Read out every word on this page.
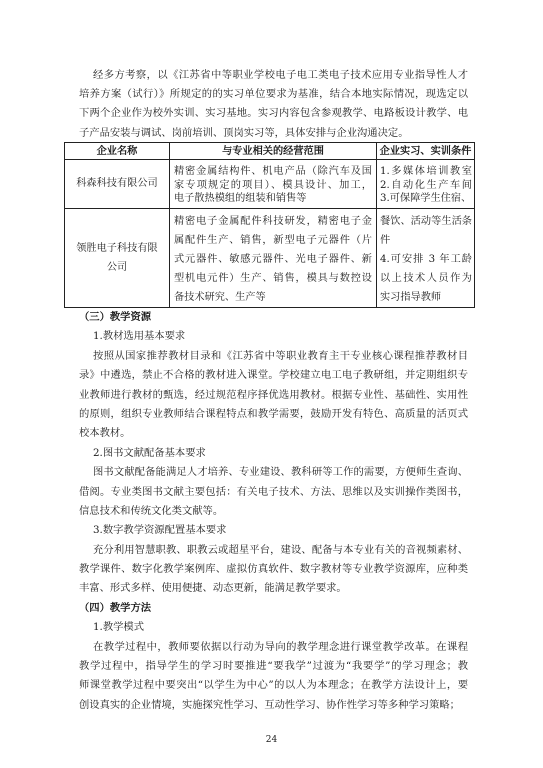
经多方考察，以《江苏省中等职业学校电子电工类电子技术应用专业指导性人才
培养方案（试行）》所规定的的实习单位要求为基准，结合本地实际情况，现选定以
下两个企业作为校外实训、实习基地。实习内容包含参观教学、电路板设计教学、电
子产品安装与调试、岗前培训、顶岗实习等，具体安排与企业沟通决定。
企业名称	与专业相关的经营范围	企业实习、实训条件
科森科技有限公司
精密金属结构件、机电产品（除汽车及国
家专项规定的项目）、模具设计、加工，
电子散热模组的组装和销售等
1.多媒体培训教室
2.自动化生产车间
3.可保障学生住宿、
领胜电子科技有限
公司
精密电子金属配件科技研发，精密电子金
属配件生产、销售，新型电子元器件（片
式元器件、敏感元器件、光电子器件、新
型机电元件）生产、销售，模具与数控设
备技术研究、生产等
餐饮、活动等生活条
件
4.可安排 3 年工龄
以上技术人员作为
实习指导教师
（三）教学资源
1.教材选用基本要求
按照从国家推荐教材目录和《江苏省中等职业教育主干专业核心课程推荐教材目
录》中遴选，禁止不合格的教材进入课堂。学校建立电工电子教研组，并定期组织专
业教师进行教材的甄选，经过规范程序择优选用教材。根据专业性、基础性、实用性
的原则，组织专业教师结合课程特点和教学需要，鼓励开发有特色、高质量的活页式
校本教材。
2.图书文献配备基本要求
图书文献配备能满足人才培养、专业建设、教科研等工作的需要，方便师生查询、
借阅。专业类图书文献主要包括：有关电子技术、方法、思维以及实训操作类图书，
信息技术和传统文化类文献等。
3.数字教学资源配置基本要求
充分利用智慧职教、职教云或超星平台，建设、配备与本专业有关的音视频素材、
教学课件、数字化教学案例库、虚拟仿真软件、数字教材等专业教学资源库，应种类
丰富、形式多样、使用便捷、动态更新，能满足教学要求。
（四）教学方法
1.教学模式
在教学过程中，教师要依据以行动为导向的教学理念进行课堂教学改革。在课程
教学过程中，指导学生的学习时要推进“要我学”过渡为“我要学”的学习理念；教
师课堂教学过程中要突出“以学生为中心”的以人为本理念；在教学方法设计上，要
创设真实的企业情境，实施探究性学习、互动性学习、协作性学习等多种学习策略；
24
